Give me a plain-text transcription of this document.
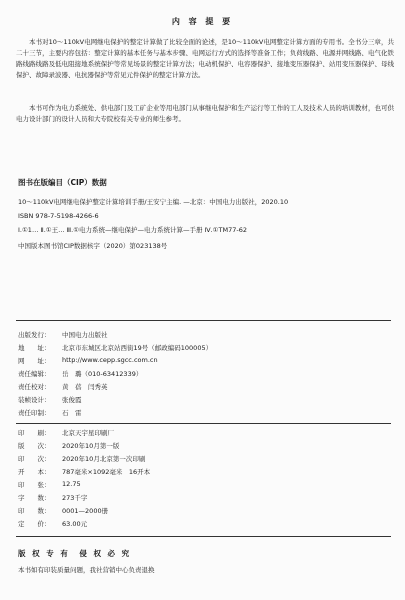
内 容 提 要
本书对10～110kV电网继电保护的整定计算做了比较全面的论述，是10～110kV电网整定计算方面的专用书。全书分三章，共二十三节，主要内容包括：整定计算的基本任务与基本步骤、电网运行方式的选择等准备工作；负荷线路、电源并网线路、电气化铁路线路线路及低电阻接地系统保护等常见场景的整定计算方法；电动机保护、电容器保护、接地变压器保护、站用变压器保护、母线保护、故障录波器、电抗器保护等常见元件保护的整定计算方法。
本书可作为电力系统处、供电部门及工矿企业等用电部门从事继电保护和生产运行等工作的工人及技术人员的培训教材，也可供电力设计部门的设计人员和大专院校有关专业的师生参考。
图书在版编目（CIP）数据
10～110kV电网继电保护整定计算培训手册/王安宁主编. —北京：中国电力出版社，2020.10
ISBN 978-7-5198-4266-6
Ⅰ.①1… Ⅱ.①王… Ⅲ.①电力系统—继电保护—电力系统计算—手册 Ⅳ.①TM77-62
中国版本图书馆CIP数据核字（2020）第023138号
出版发行： 中国电力出版社
地　　址： 北京市东城区北京站西街19号（邮政编码100005）
网　　址： http://www.cepp.sgcc.com.cn
责任编辑： 岳　璐（010-63412339）
责任校对： 黄　蓓　闫秀英
装帧设计： 张俊霞
责任印制： 石　雷
印　　刷： 北京天宇星印刷厂
版　　次： 2020年10月第一版
印　　次： 2020年10月北京第一次印刷
开　　本： 787毫米×1092毫米　16开本
印　　张： 12.75
字　　数： 273千字
印　　数： 0001—2000册
定　　价： 63.00元
版 权 专 有　侵 权 必 究
本书如有印装质量问题，我社营销中心负责退换
